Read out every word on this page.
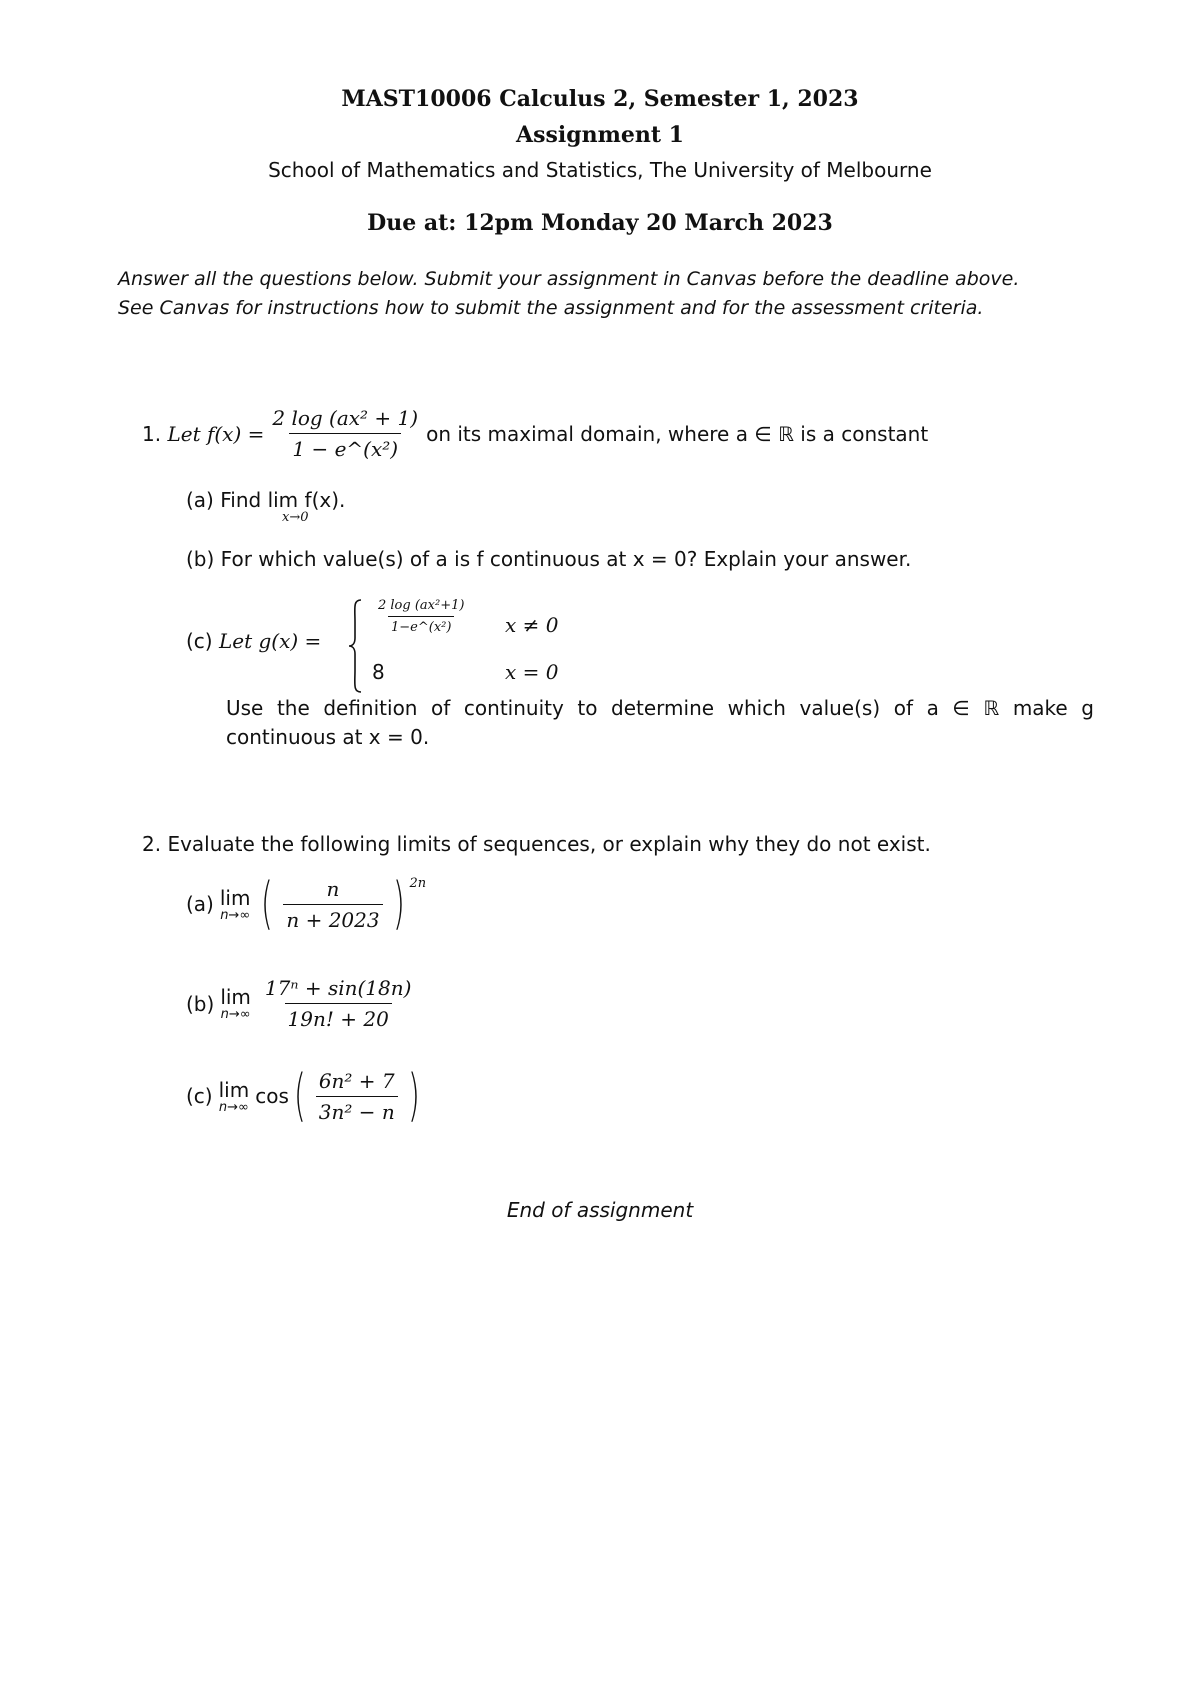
MAST10006 Calculus 2, Semester 1, 2023
Assignment 1
School of Mathematics and Statistics, The University of Melbourne
Due at: 12pm Monday 20 March 2023
Answer all the questions below. Submit your assignment in Canvas before the deadline above.
See Canvas for instructions how to submit the assignment and for the assessment criteria.
1.
Let $f(x) = \frac{\text{2 log (ax² + 1)}}{\text{1 − e\textasciicircum{}(x²)}}$ on its maximal domain, where a ∈ ℝ is a constant
(a)
Find lim f(x).
x→0
(b)
For which value(s) of a is f continuous at x = 0? Explain your answer.
(c)
Let g(x) =
$\frac{\text{2 log (ax²+1)}}{\text{1−e\textasciicircum{}(x²)}}$ x ≠ 0
8	x = 0
Use the definition of continuity to determine which value(s) of a ∈ ℝ make g
continuous at x = 0.
2.
Evaluate the following limits of sequences, or explain why they do not exist.
(a) lim
n→∞ ( $\frac{n}{n + 2023}$ ) 2n
(b) lim
$n\to\infty \frac{\text{17ⁿ + sin(18n)}}{19n! + 20}$
(c) lim
n→∞ cos ( $\frac{\text{6n² + 7}}{\text{3n² − n}}$ )
End of assignment
